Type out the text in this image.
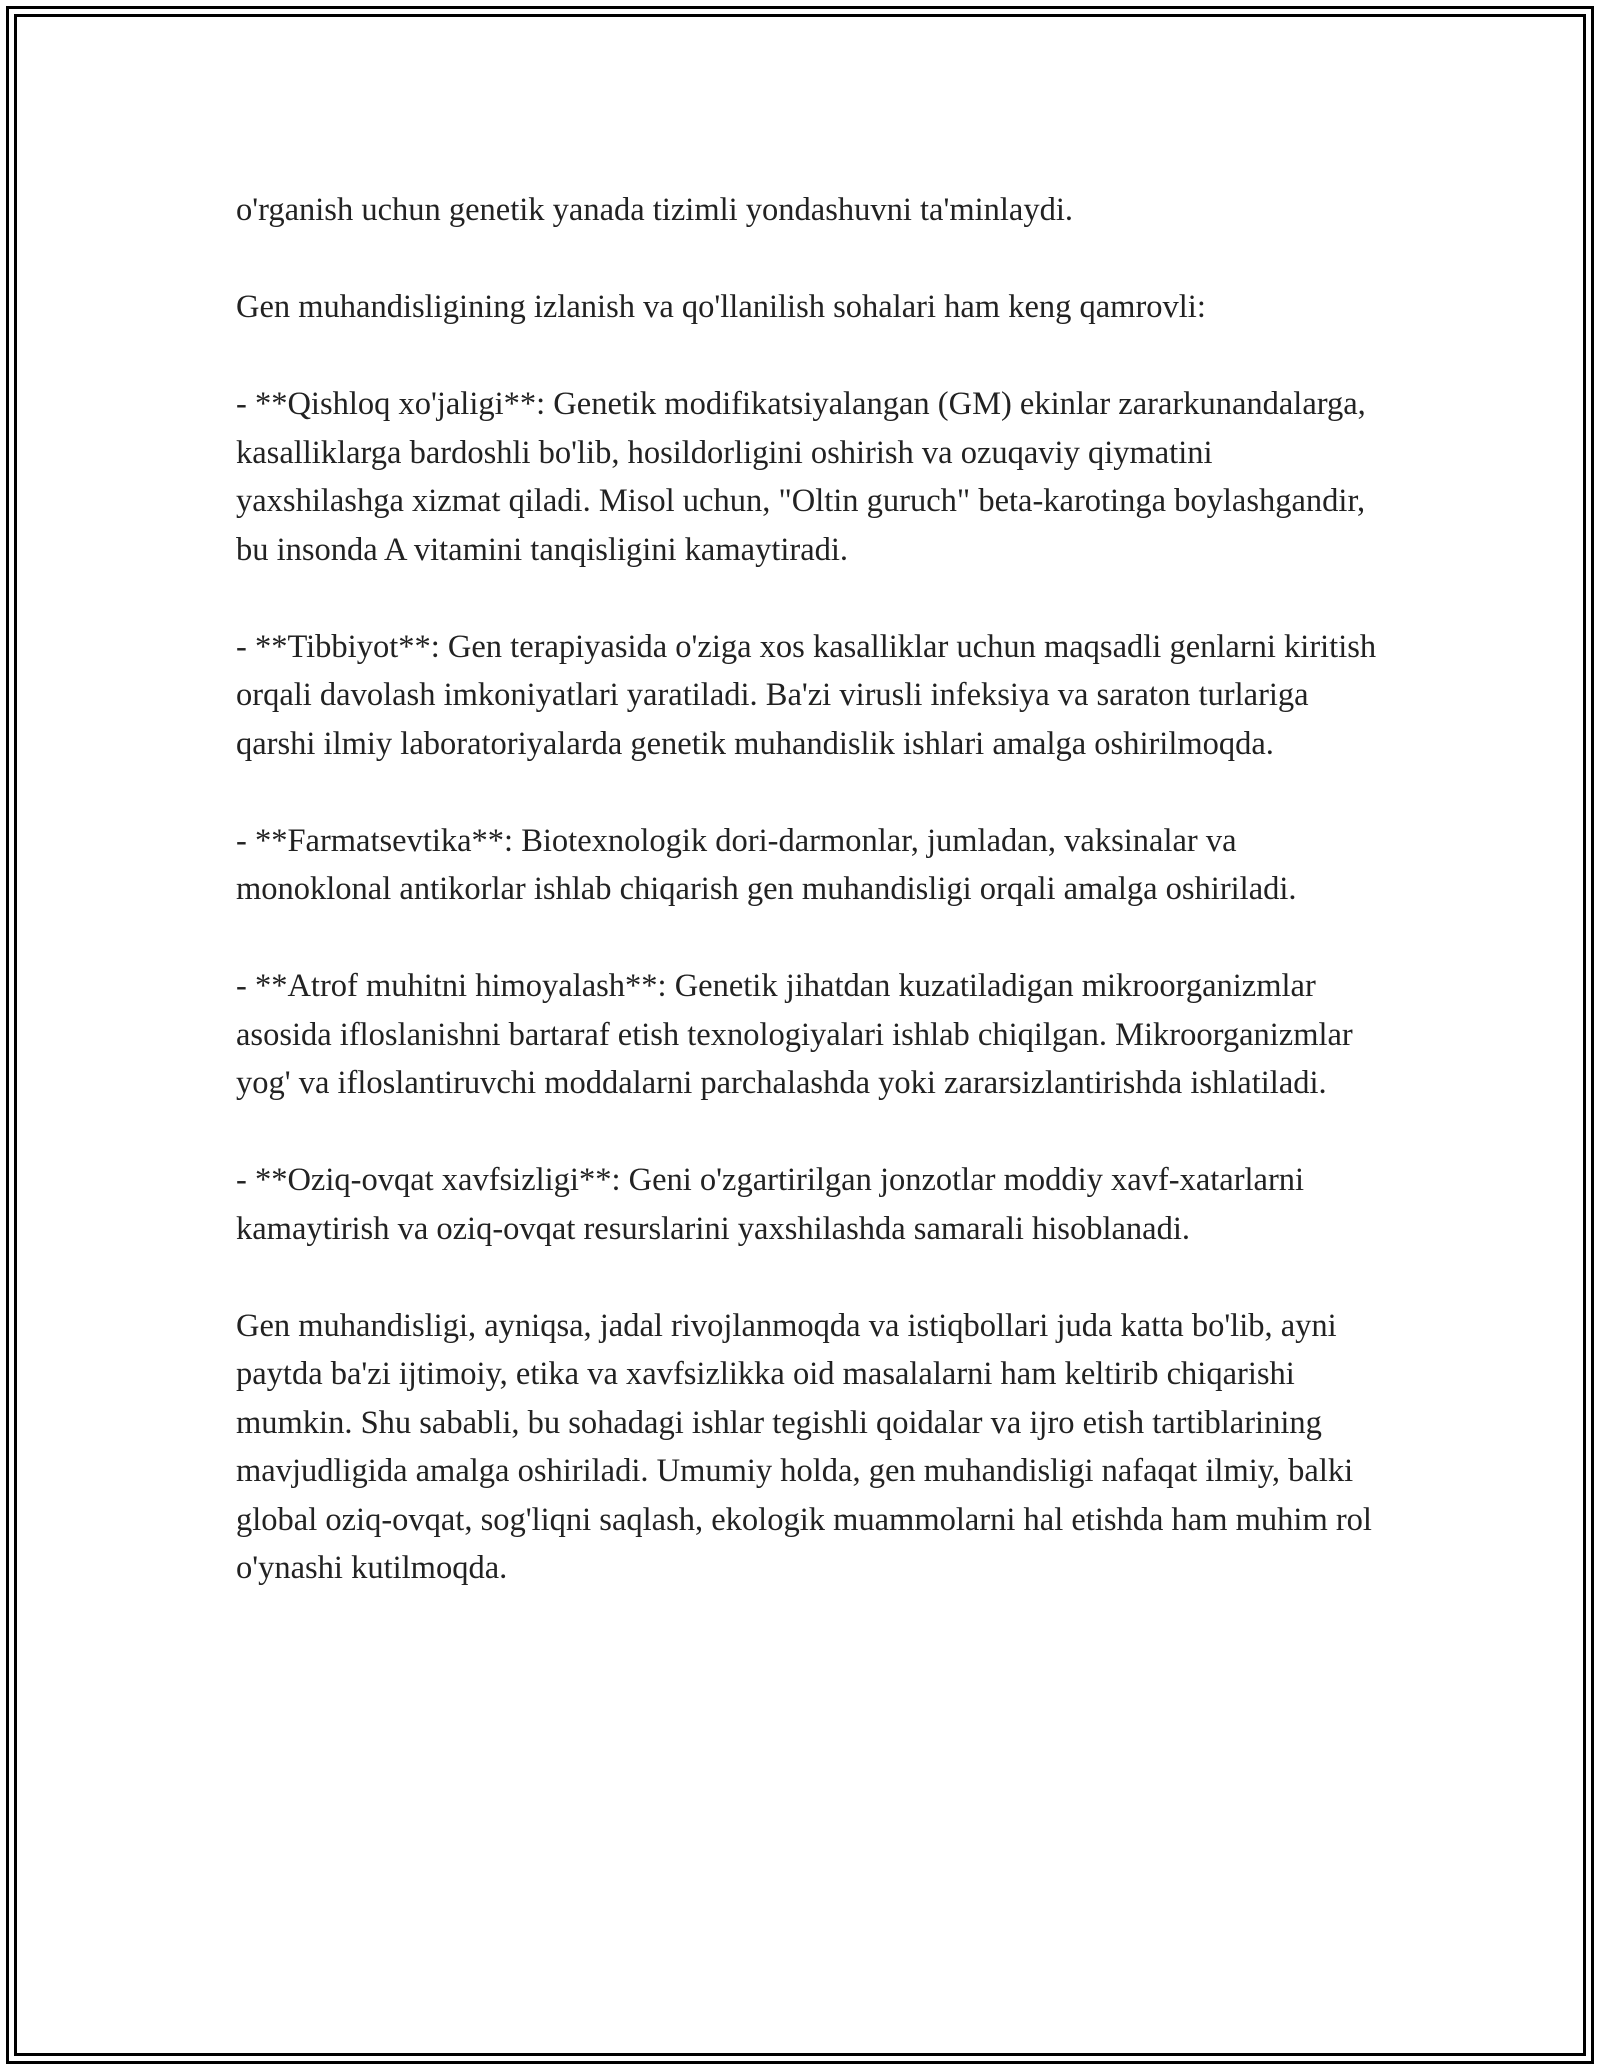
o'rganish uchun genetik yanada tizimli yondashuvni ta'minlaydi.

Gen muhandisligining izlanish va qo'llanilish sohalari ham keng qamrovli:

- **Qishloq xo'jaligi**: Genetik modifikatsiyalangan (GM) ekinlar zararkunandalarga, kasalliklarga bardoshli bo'lib, hosildorligini oshirish va ozuqaviy qiymatini yaxshilashga xizmat qiladi. Misol uchun, "Oltin guruch" beta-karotinga boylashgandir, bu insonda A vitamini tanqisligini kamaytiradi.

- **Tibbiyot**: Gen terapiyasida o'ziga xos kasalliklar uchun maqsadli genlarni kiritish orqali davolash imkoniyatlari yaratiladi. Ba'zi virusli infeksiya va saraton turlariga qarshi ilmiy laboratoriyalarda genetik muhandislik ishlari amalga oshirilmoqda.

- **Farmatsevtika**: Biotexnologik dori-darmonlar, jumladan, vaksinalar va monoklonal antikorlar ishlab chiqarish gen muhandisligi orqali amalga oshiriladi.

- **Atrof muhitni himoyalash**: Genetik jihatdan kuzatiladigan mikroorganizmlar asosida ifloslanishni bartaraf etish texnologiyalari ishlab chiqilgan. Mikroorganizmlar yog' va ifloslantiruvchi moddalarni parchalashda yoki zararsizlantirishda ishlatiladi.

- **Oziq-ovqat xavfsizligi**: Geni o'zgartirilgan jonzotlar moddiy xavf-xatarlarni kamaytirish va oziq-ovqat resurslarini yaxshilashda samarali hisoblanadi.

Gen muhandisligi, ayniqsa, jadal rivojlanmoqda va istiqbollari juda katta bo'lib, ayni paytda ba'zi ijtimoiy, etika va xavfsizlikka oid masalalarni ham keltirib chiqarishi mumkin. Shu sababli, bu sohadagi ishlar tegishli qoidalar va ijro etish tartiblarining mavjudligida amalga oshiriladi. Umumiy holda, gen muhandisligi nafaqat ilmiy, balki global oziq-ovqat, sog'liqni saqlash, ekologik muammolarni hal etishda ham muhim rol o'ynashi kutilmoqda.
